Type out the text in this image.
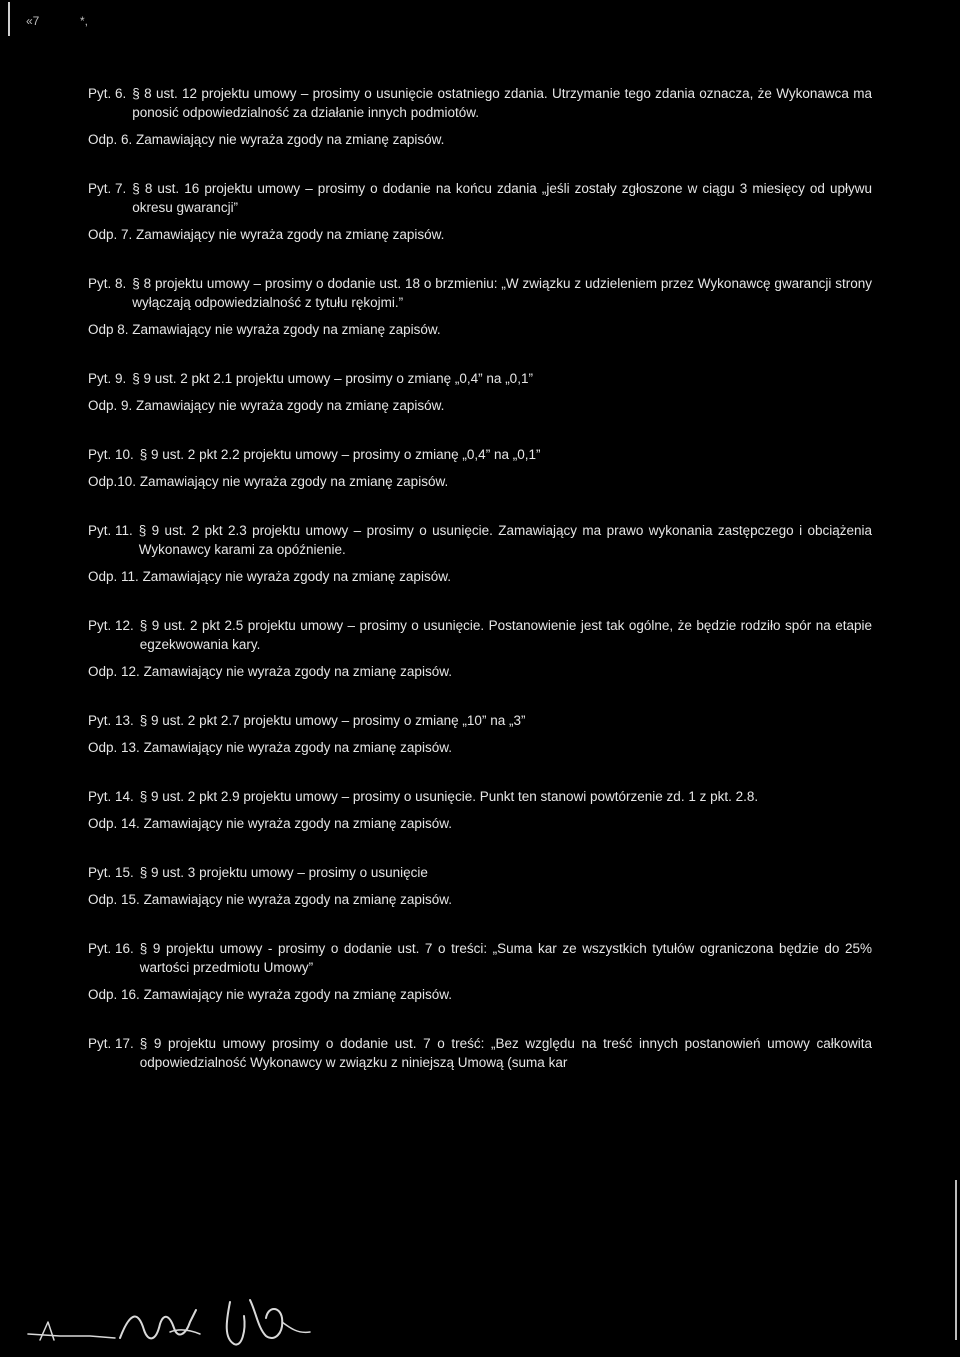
«7	*,
Pyt. 6. § 8 ust. 12 projektu umowy – prosimy o usunięcie ostatniego zdania. Utrzymanie tego zdania oznacza, że Wykonawca ma ponosić odpowiedzialność za działanie innych podmiotów.
Odp. 6. Zamawiający nie wyraża zgody na zmianę zapisów.
Pyt. 7. § 8 ust. 16 projektu umowy – prosimy o dodanie na końcu zdania „jeśli zostały zgłoszone w ciągu 3 miesięcy od upływu okresu gwarancji”
Odp. 7. Zamawiający nie wyraża zgody na zmianę zapisów.
Pyt. 8. § 8 projektu umowy – prosimy o dodanie ust. 18 o brzmieniu: „W związku z udzieleniem przez Wykonawcę gwarancji strony wyłączają odpowiedzialność z tytułu rękojmi.”
Odp 8. Zamawiający nie wyraża zgody na zmianę zapisów.
Pyt. 9. § 9 ust. 2 pkt 2.1 projektu umowy – prosimy o zmianę „0,4” na „0,1”
Odp. 9. Zamawiający nie wyraża zgody na zmianę zapisów.
Pyt. 10. § 9 ust. 2 pkt 2.2 projektu umowy – prosimy o zmianę „0,4” na „0,1”
Odp.10. Zamawiający nie wyraża zgody na zmianę zapisów.
Pyt. 11. § 9 ust. 2 pkt 2.3 projektu umowy – prosimy o usunięcie. Zamawiający ma prawo wykonania zastępczego i obciążenia Wykonawcy karami za opóźnienie.
Odp. 11. Zamawiający nie wyraża zgody na zmianę zapisów.
Pyt. 12. § 9 ust. 2 pkt 2.5 projektu umowy – prosimy o usunięcie. Postanowienie jest tak ogólne, że będzie rodziło spór na etapie egzekwowania kary.
Odp. 12. Zamawiający nie wyraża zgody na zmianę zapisów.
Pyt. 13. § 9 ust. 2 pkt 2.7 projektu umowy – prosimy o zmianę „10” na „3”
Odp. 13. Zamawiający nie wyraża zgody na zmianę zapisów.
Pyt. 14. § 9 ust. 2 pkt 2.9 projektu umowy – prosimy o usunięcie. Punkt ten stanowi powtórzenie zd. 1 z pkt. 2.8.
Odp. 14. Zamawiający nie wyraża zgody na zmianę zapisów.
Pyt. 15. § 9 ust. 3 projektu umowy – prosimy o usunięcie
Odp. 15. Zamawiający nie wyraża zgody na zmianę zapisów.
Pyt. 16. § 9 projektu umowy - prosimy o dodanie ust. 7 o treści: „Suma kar ze wszystkich tytułów ograniczona będzie do 25% wartości przedmiotu Umowy”
Odp. 16. Zamawiający nie wyraża zgody na zmianę zapisów.
Pyt. 17. § 9 projektu umowy prosimy o dodanie ust. 7 o treść: „Bez względu na treść innych postanowień umowy całkowita odpowiedzialność Wykonawcy w związku z niniejszą Umową (suma kar
